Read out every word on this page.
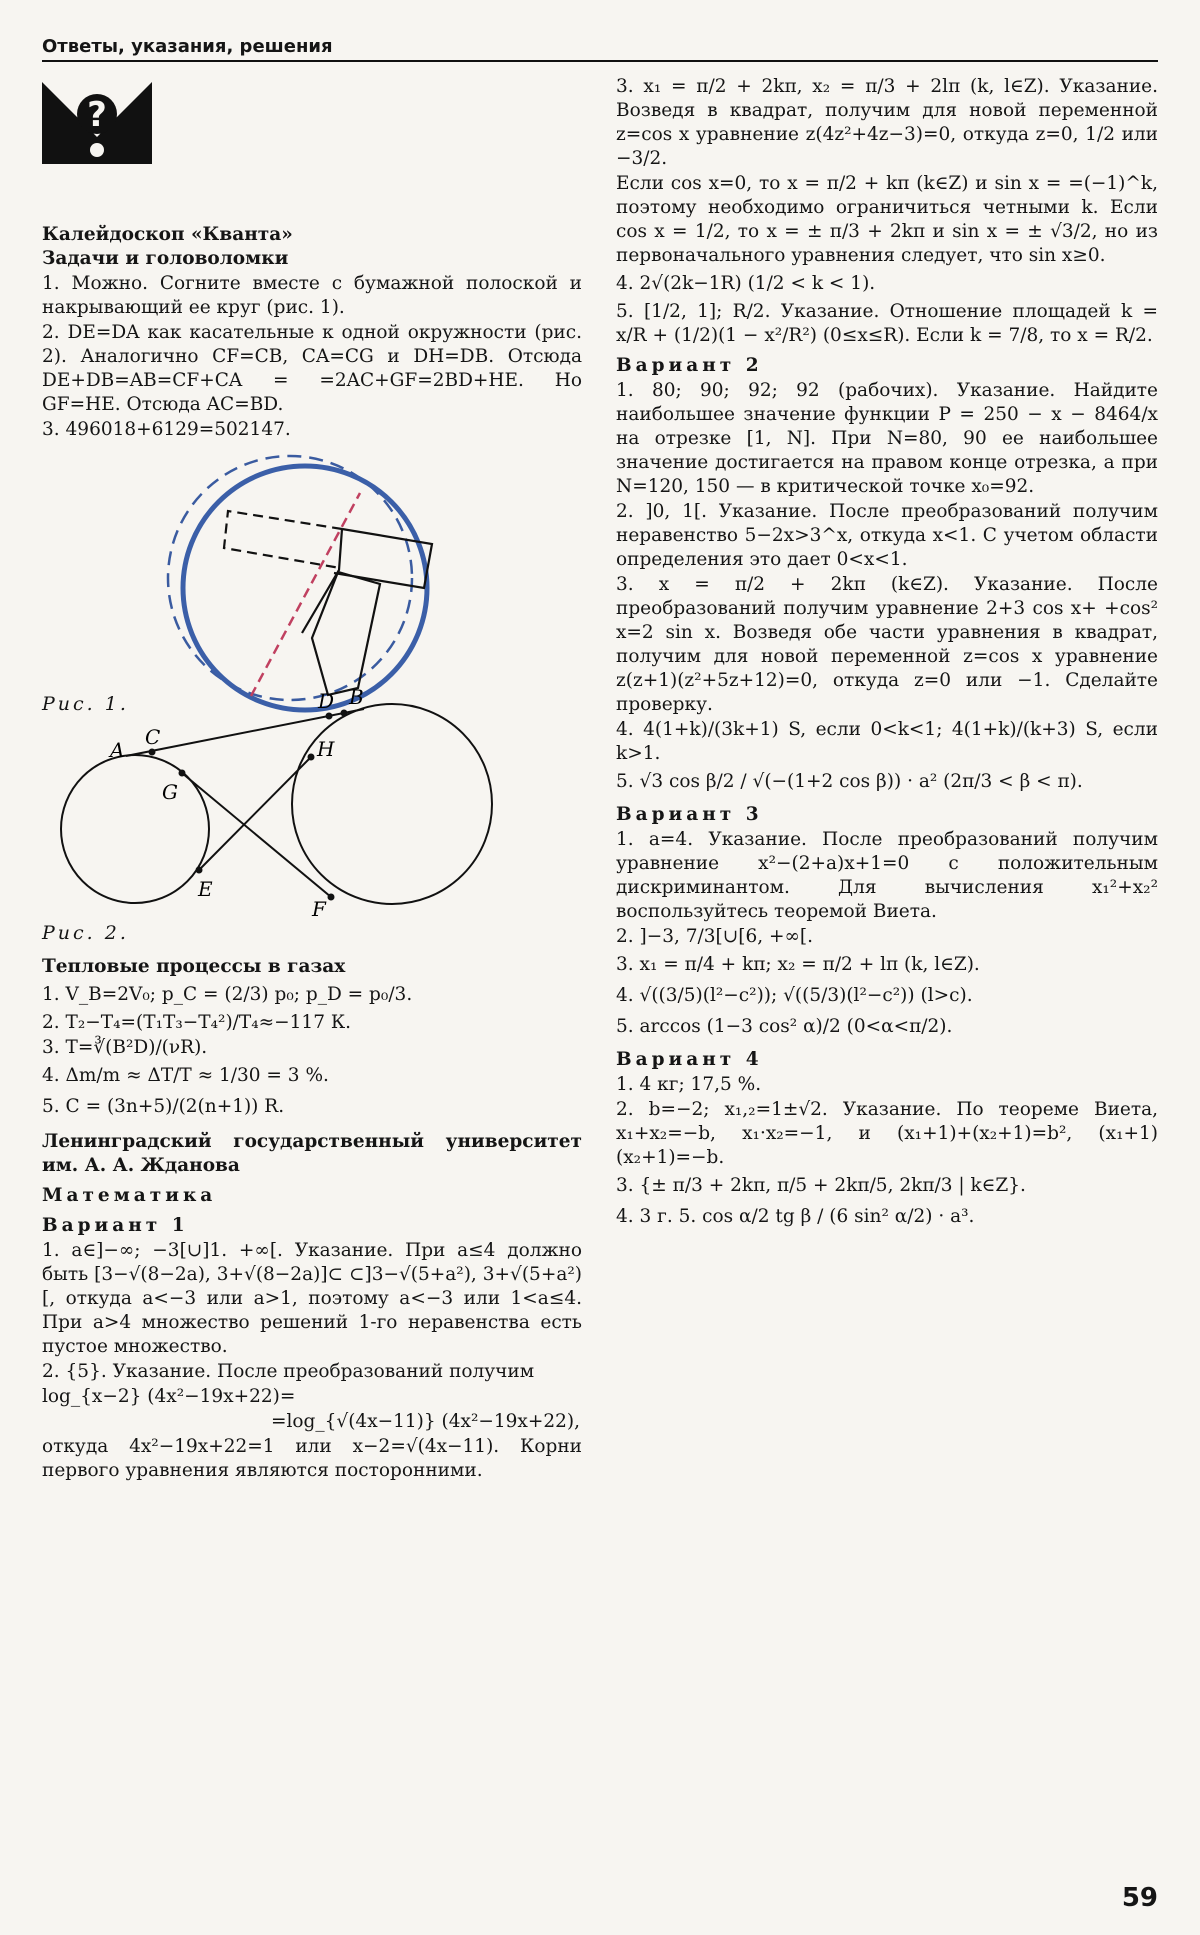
Ответы, указания, решения
?

Калейдоскоп «Кванта»
Задачи и головоломки

1. Можно. Согните вместе с бумажной полоской и накрывающий ее круг (рис. 1).

2. DE=DA как касательные к одной окружности (рис. 2). Аналогично CF=CB, CA=CG и DH=DB. Отсюда DE+DB=AB=CF+CA = =2AC+GF=2BD+HE. Но GF=HE. Отсюда AC=BD.

3. 496018+6129=502147.

Рис. 1.
A
C
G
E
D B
H
F
Рис. 2.

Тепловые процессы в газах

1. V_B=2V₀; p_C = (2/3) p₀; p_D = p₀/3.

2. T₂−T₄=(T₁T₃−T₄²)/T₄≈−117 К.

3. T=∛(B²D)/(νR).

4. Δm/m ≈ ΔT/T ≈ 1/30 = 3 %.

5. C = (3n+5)/(2(n+1)) R.

Ленинградский государственный университет им. А. А. Жданова

Математика

Вариант 1

1. a∈]−∞; −3[∪]1. +∞[. Указание. При a≤4 должно быть [3−√(8−2a), 3+√(8−2a)]⊂ ⊂]3−√(5+a²), 3+√(5+a²)[, откуда a<−3 или a>1, поэтому a<−3 или 1<a≤4. При a>4 множество решений 1-го неравенства есть пустое множество.

2. {5}. Указание. После преобразований получим

log_{x−2} (4x²−19x+22)=

=log_{√(4x−11)} (4x²−19x+22),

откуда 4x²−19x+22=1 или x−2=√(4x−11). Корни первого уравнения являются посторонними.

3. x₁ = π/2 + 2kπ, x₂ = π/3 + 2lπ (k, l∈Z). Указание. Возведя в квадрат, получим для новой переменной z=cos x уравнение z(4z²+4z−3)=0, откуда z=0, 1/2 или −3/2.

Если cos x=0, то x = π/2 + kπ (k∈Z) и sin x = =(−1)^k, поэтому необходимо ограничиться четными k. Если cos x = 1/2, то x = ± π/3 + 2kπ и sin x = ± √3/2, но из первоначального уравнения следует, что sin x≥0.

4. 2√(2k−1R) (1/2 < k < 1).

5. [1/2, 1]; R/2. Указание. Отношение площадей k = x/R + (1/2)(1 − x²/R²) (0≤x≤R). Если k = 7/8, то x = R/2.

Вариант 2

1. 80; 90; 92; 92 (рабочих). Указание. Найдите наибольшее значение функции P = 250 − x − 8464/x на отрезке [1, N]. При N=80, 90 ее наибольшее значение достигается на правом конце отрезка, а при N=120, 150 — в критической точке x₀=92.

2. ]0, 1[. Указание. После преобразований получим неравенство 5−2x>3^x, откуда x<1. С учетом области определения это дает 0<x<1.

3. x = π/2 + 2kπ (k∈Z). Указание. После преобразований получим уравнение 2+3 cos x+ +cos² x=2 sin x. Возведя обе части уравнения в квадрат, получим для новой переменной z=cos x уравнение z(z+1)(z²+5z+12)=0, откуда z=0 или −1. Сделайте проверку.

4. 4(1+k)/(3k+1) S, если 0<k<1; 4(1+k)/(k+3) S, если k>1.

5. √3 cos β/2 / √(−(1+2 cos β)) · a² (2π/3 < β < π).

Вариант 3

1. a=4. Указание. После преобразований получим уравнение x²−(2+a)x+1=0 с положительным дискриминантом. Для вычисления x₁²+x₂² воспользуйтесь теоремой Виета.

2. ]−3, 7/3[∪[6, +∞[.

3. x₁ = π/4 + kπ; x₂ = π/2 + lπ (k, l∈Z).

4. √((3/5)(l²−c²)); √((5/3)(l²−c²)) (l>c).

5. arccos (1−3 cos² α)/2 (0<α<π/2).

Вариант 4

1. 4 кг; 17,5 %.

2. b=−2; x₁,₂=1±√2. Указание. По теореме Виета, x₁+x₂=−b, x₁·x₂=−1, и (x₁+1)+(x₂+1)=b², (x₁+1)(x₂+1)=−b.

3. {± π/3 + 2kπ, π/5 + 2kπ/5, 2kπ/3 | k∈Z}.

4. 3 г. 5. cos α/2 tg β / (6 sin² α/2) · a³.

59
